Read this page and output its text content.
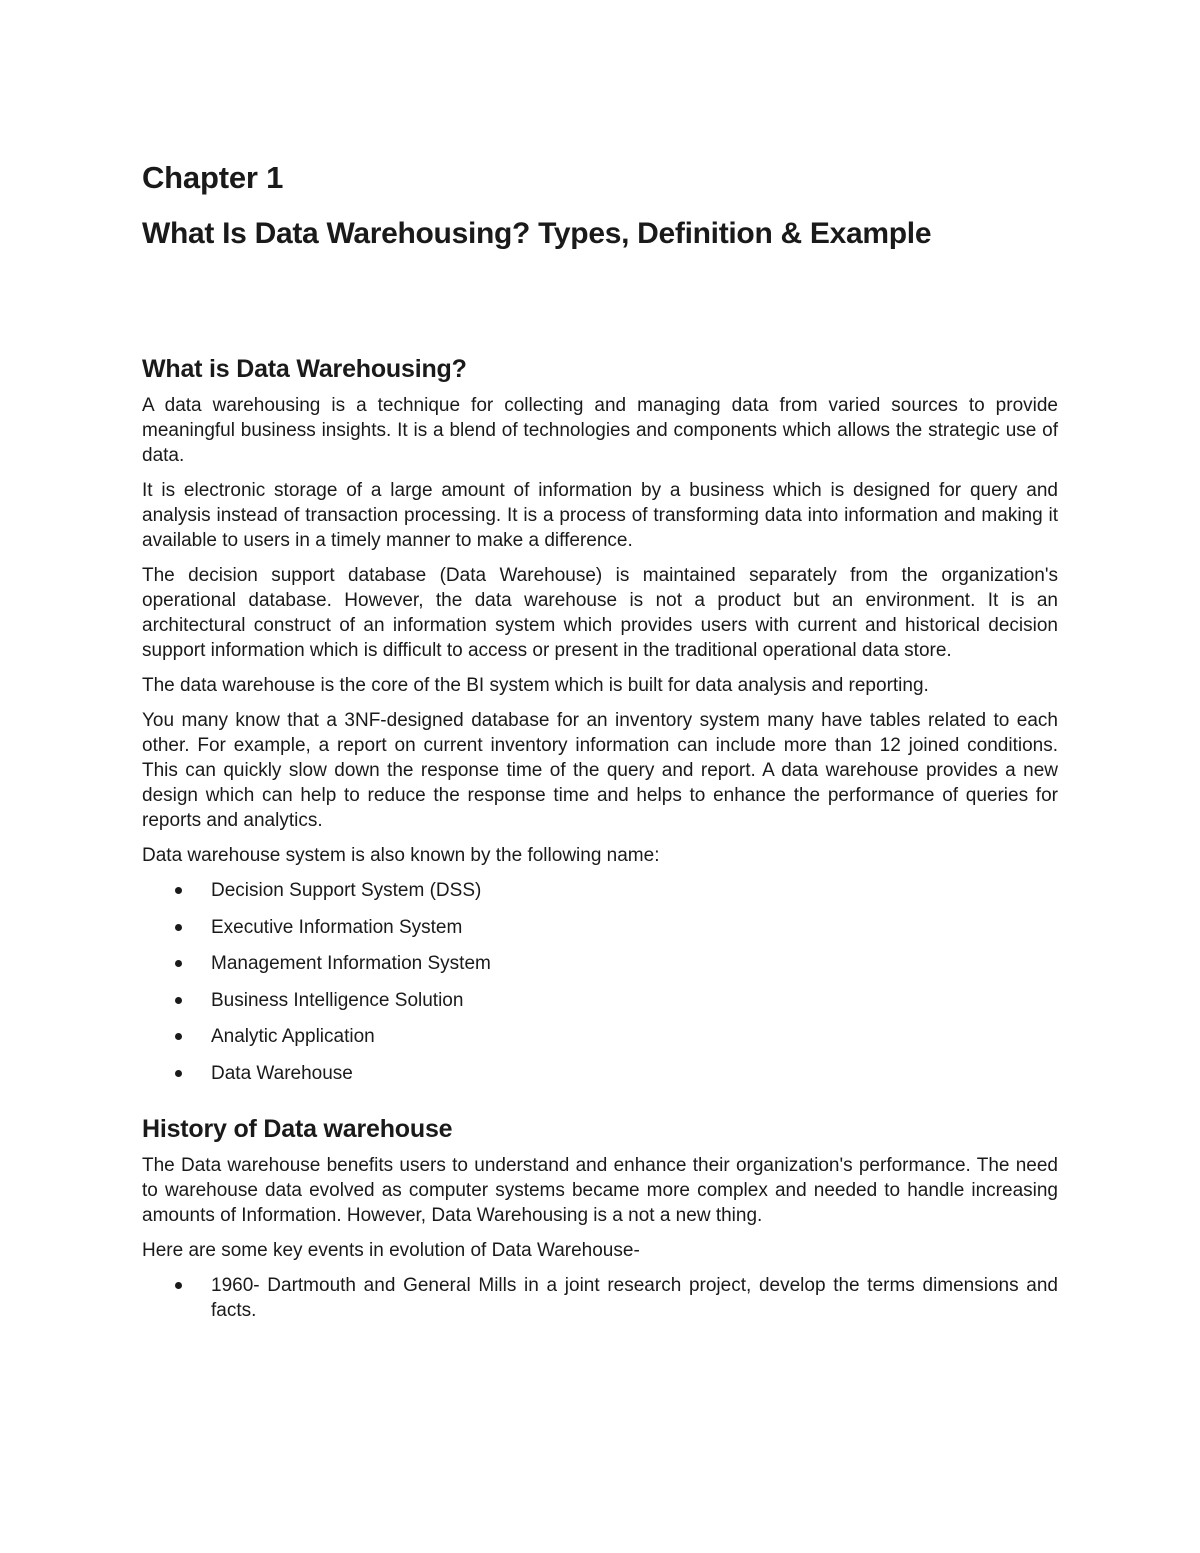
Chapter 1
What Is Data Warehousing? Types, Definition & Example
What is Data Warehousing?

A data warehousing is a technique for collecting and managing data from varied sources to provide meaningful business insights. It is a blend of technologies and components which allows the strategic use of data.

It is electronic storage of a large amount of information by a business which is designed for query and analysis instead of transaction processing. It is a process of transforming data into information and making it available to users in a timely manner to make a difference.

The decision support database (Data Warehouse) is maintained separately from the organization's operational database. However, the data warehouse is not a product but an environment. It is an architectural construct of an information system which provides users with current and historical decision support information which is difficult to access or present in the traditional operational data store.

The data warehouse is the core of the BI system which is built for data analysis and reporting.

You many know that a 3NF-designed database for an inventory system many have tables related to each other. For example, a report on current inventory information can include more than 12 joined conditions. This can quickly slow down the response time of the query and report. A data warehouse provides a new design which can help to reduce the response time and helps to enhance the performance of queries for reports and analytics.

Data warehouse system is also known by the following name:

Decision Support System (DSS)
Executive Information System
Management Information System
Business Intelligence Solution
Analytic Application
Data Warehouse
History of Data warehouse

The Data warehouse benefits users to understand and enhance their organization's performance. The need to warehouse data evolved as computer systems became more complex and needed to handle increasing amounts of Information. However, Data Warehousing is a not a new thing.

Here are some key events in evolution of Data Warehouse-

1960- Dartmouth and General Mills in a joint research project, develop the terms dimensions and facts.
